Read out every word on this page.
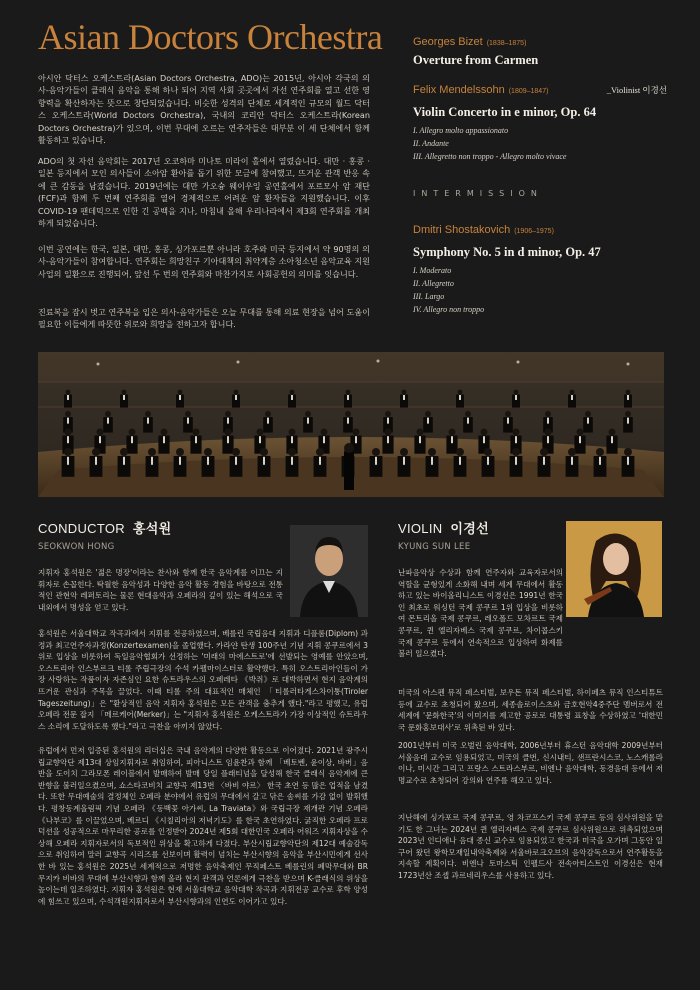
Asian Doctors Orchestra

아시안 닥터스 오케스트라(Asian Doctors Orchestra, ADO)는 2015년, 아시아 각국의 의사-음악가들이 클래식 음악을 통해 하나 되어 지역 사회 곳곳에서 자선 연주회를 열고 선한 영향력을 확산하자는 뜻으로 창단되었습니다. 비슷한 성격의 단체로 세계적인 규모의 월드 닥터스 오케스트라(World Doctors Orchestra), 국내의 코리안 닥터스 오케스트라(Korean Doctors Orchestra)가 있으며, 이번 무대에 오르는 연주자들은 대부분 이 세 단체에서 함께 활동하고 있습니다.

ADO의 첫 자선 음악회는 2017년 오코하마 미나토 미라이 홀에서 열렸습니다. 대만 · 홍콩 · 일본 등지에서 모인 의사들이 소아암 환아를 돕기 위한 모금에 참여했고, 뜨거운 관객 반응 속에 큰 감동을 남겼습니다. 2019년에는 대만 가오슝 웨이우잉 공연홀에서 포르모사 암 재단(FCF)과 함께 두 번째 연주회를 열어 경제적으로 어려운 암 환자들을 지원했습니다. 이후 COVID-19 팬데믹으로 인한 긴 공백을 지나, 마침내 올해 우리나라에서 제3회 연주회를 개최하게 되었습니다.

이번 공연에는 한국, 일본, 대만, 홍콩, 싱가포르뿐 아니라 호주와 미국 등지에서 약 90명의 의사-음악가들이 참여합니다. 연주회는 희망친구 기아대책의 취약계층 소아청소년 음악교육 지원사업의 일환으로 진행되어, 앞선 두 번의 연주회와 마찬가지로 사회공헌의 의미를 잇습니다.

진료복을 잠시 벗고 연주복을 입은 의사-음악가들은 오늘 무대를 통해 의료 현장을 넘어 도움이 필요한 이들에게 따뜻한 위로와 희망을 전하고자 합니다.

Georges Bizet (1838–1875)
Overture from Carmen
Felix Mendelssohn (1809–1847)	_Violinist 이경선
Violin Concerto in e minor, Op. 64
I. Allegro molto appassionato
II. Andante
III. Allegretto non troppo - Allegro molto vivace
INTERMISSION
Dmitri Shostakovich (1906–1975)
Symphony No. 5 in d minor, Op. 47
I. Moderato
II. Allegretto
III. Largo
IV. Allegro non troppo
CONDUCTOR 홍석원
SEOKWON HONG
지휘자 홍석원은 '젊은 명장'이라는 찬사와 함께 한국 음악계를 이끄는 지휘자로 손꼽힌다. 탁월한 음악성과 다양한 음악 활동 경험을 바탕으로 전통적인 관현악 레퍼토리는 물론 현대음악과 오페라의 깊이 있는 해석으로 국내외에서 명성을 얻고 있다.
홍석원은 서울대학교 작곡과에서 지휘를 전공하였으며, 베를린 국립음대 지휘과 디플롬(Diplom) 과정과 최고연주자과정(Konzertexamen)을 졸업했다. 카라얀 탄생 100주년 기념 지휘 콩쿠르에서 3위로 입상을 비롯하여 독일음악협회가 선정하는 '미래의 마에스트로'에 선발되는 영예를 안았으며, 오스트리아 인스부르크 티롤 주립극장의 수석 카펠마이스터로 활약했다. 특히 오스트리아인들이 가장 사랑하는 작품이자 자존심인 요한 슈트라우스의 오페레타 《박쥐》로 대박하면서 현지 음악계의 뜨거운 관심과 주목을 끌었다. 이때 티롤 주의 대표적인 매체인 「티롤러타게스차이퉁(Tiroler Tageszeitung)」은 "환상적인 음악 지휘자 홍석원은 모든 관객을 춤추게 했다."라고 평했고, 유럽 오페라 전문 잡지 「메르케어(Merker)」는 "지휘자 홍석원은 오케스트라가 가장 이상적인 슈트라우스 소리에 도달하도록 했다."라고 극찬을 아끼지 않았다.
유럽에서 먼저 입증된 홍석원의 리더십은 국내 음악계의 다양한 활동으로 이어졌다. 2021년 광주시립교향악단 제13대 상임지휘자로 취임하여, 피아니스트 임윤찬과 함께 「베토벤, 윤이상, 바버」음반을 도이치 그라모폰 레이블에서 발매하여 발매 당일 플래티넘을 달성해 한국 클래식 음악계에 큰 반향을 불러일으켰으며, 쇼스타코비치 교향곡 제13번 〈바비 야르〉 한국 초연 등 많은 업적을 남겼다. 또한 무대예술의 결정체인 오페라 분야에서 유럽의 무대에서 갈고 닦은 솜씨를 가감 없이 발휘했다. 평창동계올림픽 기념 오페라 《동백꽃 아가씨, La Traviata》와 국립극장 재개관 기념 오페라 《나부코》를 이끌었으며, 베르디 《시칠리아의 저녁기도》를 한국 초연하였다. 굵직한 오페라 프로덕션을 성공적으로 마무리한 공로를 인정받아 2024년 제5회 대한민국 오페라 어워즈 지휘자상을 수상해 오페라 지휘자로서의 독보적인 위상을 확고하게 다졌다. 부산시립교향악단의 제12대 예술감독으로 취임하여 말러 교향곡 시리즈를 선보이며 활력이 넘치는 부산시향의 음악을 부산시민에게 선사한 바 있는 홍석원은 2025년 세계적으로 저명한 음악축제인 무직페스트 베를린의 폐막무대와 BR 무지카 비바의 무대에 부산시향과 함께 올라 현지 관객과 언론에게 극찬을 받으며 K-클래식의 위상을 높이는데 일조하였다. 지휘자 홍석원은 현재 서울대학교 음악대학 작곡과 지휘전공 교수로 후학 양성에 힘쓰고 있으며, 수석객원지휘자로서 부산시향과의 인연도 이어가고 있다.
VIOLIN 이경선
KYUNG SUN LEE
난파음악상 수상과 함께 연주자와 교육자로서의 역할을 균형있게 소화해 내며 세계 무대에서 활동하고 있는 바이올리니스트 이경선은 1991년 한국인 최초로 워싱턴 국제 콩쿠르 1위 입상을 비롯하여 몬트리올 국제 콩쿠르, 레오폴드 모차르트 국제 콩쿠르, 퀸 엘리자베스 국제 콩쿠르, 차이콥스키 국제 콩쿠르 등에서 연속적으로 입상하여 화제를 불러 일으켰다.
미국의 아스펜 뮤직 페스티벌, 보우돈 뮤직 페스티벌, 하이페츠 뮤직 인스티튜트 등에 교수로 초청되어 왔으며, 세종솔로이스츠와 금호현악4중주단 멤버로서 전 세계에 '문화한국'의 이미지를 제고한 공로로 대통령 표창을 수상하였고 '대한민국 문화홍보대사'로 위촉된 바 있다.
2001년부터 미국 오벌린 음악대학, 2006년부터 휴스턴 음악대학 2009년부터 서울음대 교수로 임용되었고, 미국의 클번, 신시내티, 샌프란시스코, 노스캐롤라이나, 미시간 그리고 프랑스 스트라스부르, 비엔나 음악대학, 동경음대 등에서 저명교수로 초청되어 강의와 연주를 해오고 있다.
지난해에 싱가포르 국제 콩쿠르, 영 차코프스키 국제 콩쿠르 등의 심사위원을 맡기도 한 그녀는 2024년 퀸 엘리자베스 국제 콩쿠르 심사위원으로 위촉되었으며 2023년 인디애나 음대 종신 교수로 임용되었고 한국과 미국을 오가며 그동안 일구어 왔던 왕학모재일내악축제와 서울바로크오브의 음악감독으로서 연주활동을 지속할 계획이다. 비엔나 토마스틱 인펠드사 전속아티스트인 이경선은 현재 1723년산 조셉 과르네리우스를 사용하고 있다.
